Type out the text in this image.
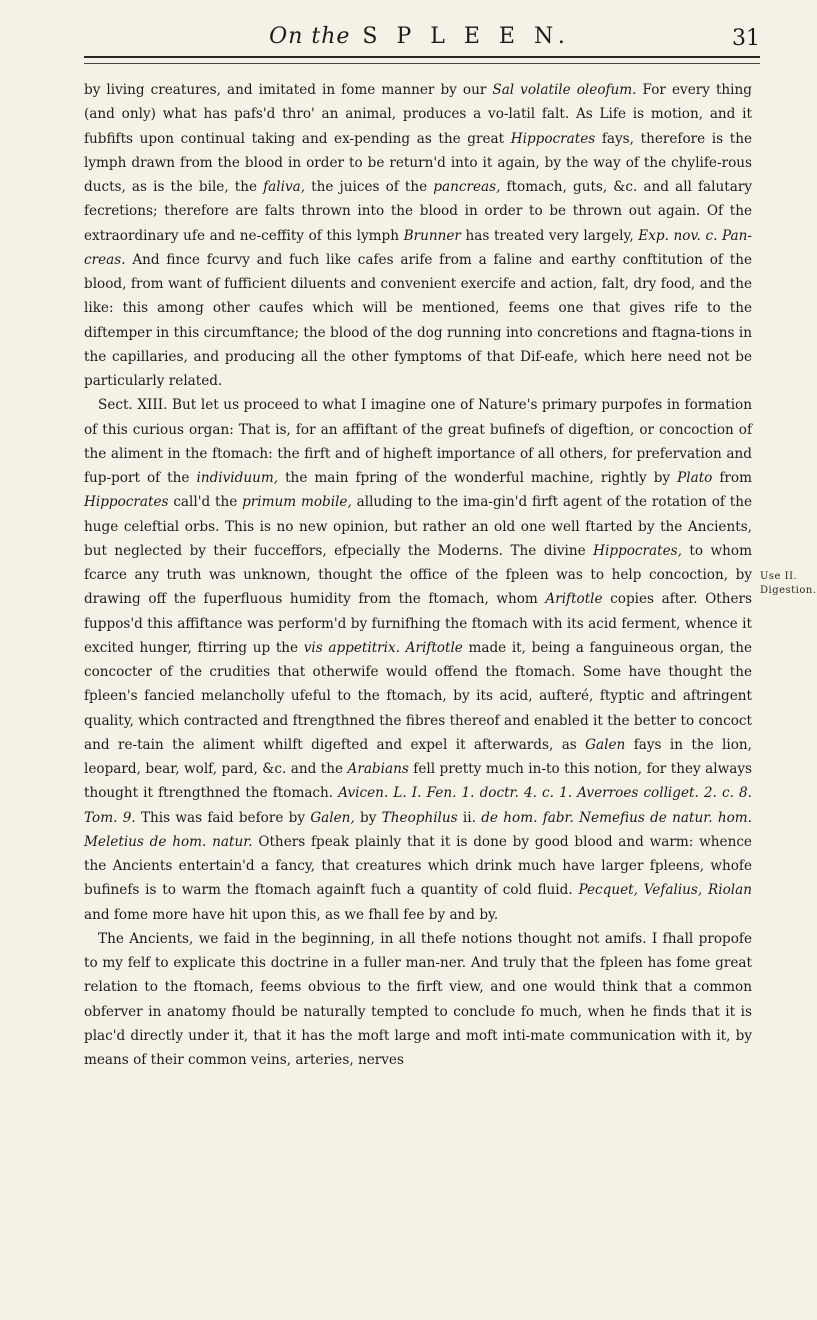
On the S P L E E N.	31
Use II.
Digestion.

by living creatures, and imitated in fome manner by our Sal volatile oleofum. For every thing (and only) what has pafs'd thro' an animal, produces a vo-latil falt. As Life is motion, and it fubfifts upon continual taking and ex-pending as the great Hippocrates fays, therefore is the lymph drawn from the blood in order to be return'd into it again, by the way of the chylife-rous ducts, as is the bile, the faliva, the juices of the pancreas, ftomach, guts, &c. and all falutary fecretions; therefore are falts thrown into the blood in order to be thrown out again. Of the extraordinary ufe and ne-ceffity of this lymph Brunner has treated very largely, Exp. nov. c. Pan-creas. And fince fcurvy and fuch like cafes arife from a faline and earthy conftitution of the blood, from want of fufficient diluents and convenient exercife and action, falt, dry food, and the like: this among other caufes which will be mentioned, feems one that gives rife to the diftemper in this circumftance; the blood of the dog running into concretions and ftagna-tions in the capillaries, and producing all the other fymptoms of that Dif-eafe, which here need not be particularly related.

Sect. XIII. But let us proceed to what I imagine one of Nature's primary purpofes in formation of this curious organ: That is, for an affiftant of the great bufinefs of digeftion, or concoction of the aliment in the ftomach: the firft and of higheft importance of all others, for prefervation and fup-port of the individuum, the main fpring of the wonderful machine, rightly by Plato from Hippocrates call'd the primum mobile, alluding to the ima-gin'd firft agent of the rotation of the huge celeftial orbs. This is no new opinion, but rather an old one well ftarted by the Ancients, but neglected by their fucceffors, efpecially the Moderns. The divine Hippocrates, to whom fcarce any truth was unknown, thought the office of the fpleen was to help concoction, by drawing off the fuperfluous humidity from the ftomach, whom Ariftotle copies after. Others fuppos'd this affiftance was perform'd by furnifhing the ftomach with its acid ferment, whence it excited hunger, ftirring up the vis appetitrix. Ariftotle made it, being a fanguineous organ, the concocter of the crudities that otherwife would offend the ftomach. Some have thought the fpleen's fancied melancholly ufeful to the ftomach, by its acid, aufteré, ftyptic and aftringent quality, which contracted and ftrengthned the fibres thereof and enabled it the better to concoct and re-tain the aliment whilft digefted and expel it afterwards, as Galen fays in the lion, leopard, bear, wolf, pard, &c. and the Arabians fell pretty much in-to this notion, for they always thought it ftrengthned the ftomach. Avicen. L. I. Fen. 1. doctr. 4. c. 1. Averroes colliget. 2. c. 8. Tom. 9. This was faid before by Galen, by Theophilus ii. de hom. fabr. Nemefius de natur. hom. Meletius de hom. natur. Others fpeak plainly that it is done by good blood and warm: whence the Ancients entertain'd a fancy, that creatures which drink much have larger fpleens, whofe bufinefs is to warm the ftomach againft fuch a quantity of cold fluid. Pecquet, Vefalius, Riolan and fome more have hit upon this, as we fhall fee by and by.

The Ancients, we faid in the beginning, in all thefe notions thought not amifs. I fhall propofe to my felf to explicate this doctrine in a fuller man-ner. And truly that the fpleen has fome great relation to the ftomach, feems obvious to the firft view, and one would think that a common obferver in anatomy fhould be naturally tempted to conclude fo much, when he finds that it is plac'd directly under it, that it has the moft large and moft inti-mate communication with it, by means of their common veins, arteries, nerves
